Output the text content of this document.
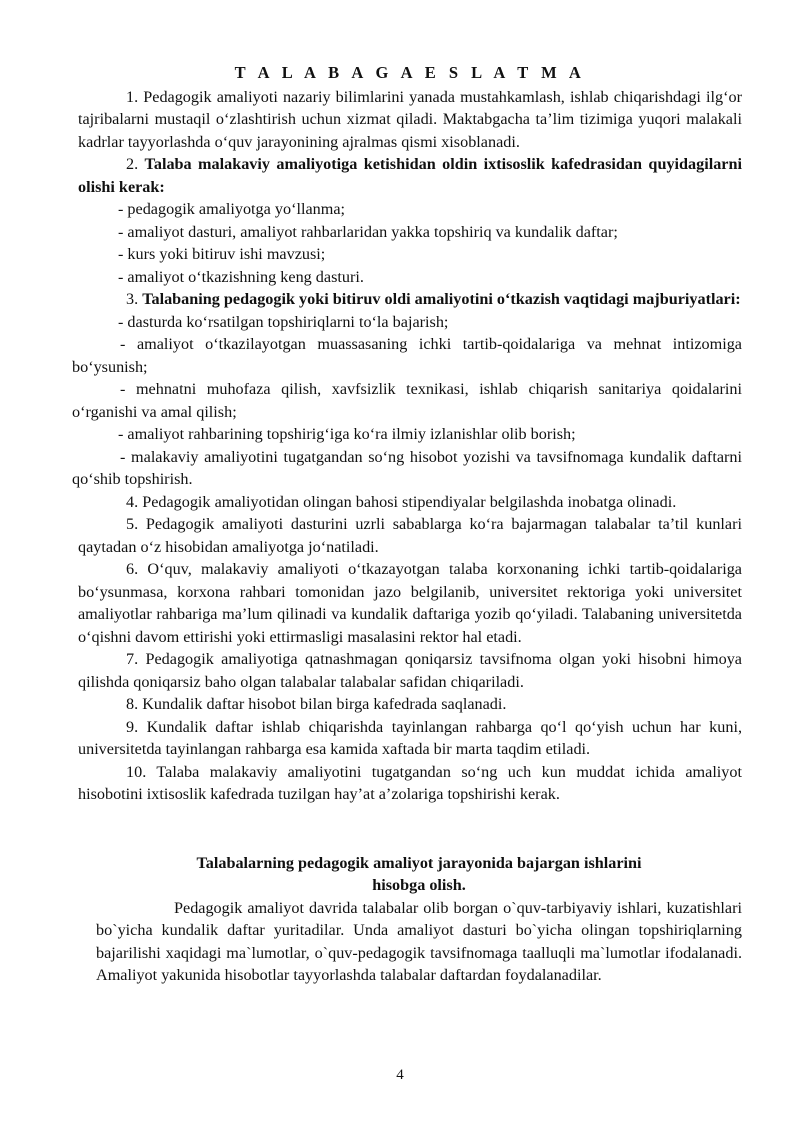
T A L A B A G A E S L A T M A

1. Pedagogik amaliyoti nazariy bilimlarini yanada mustahkamlash, ishlab chiqarishdagi ilg‘or tajribalarni mustaqil o‘zlashtirish uchun xizmat qiladi. Maktabgacha ta’lim tizimiga yuqori malakali kadrlar tayyorlashda o‘quv jarayonining ajralmas qismi xisoblanadi.

2. Talaba malakaviy amaliyotiga ketishidan oldin ixtisoslik kafedrasidan quyidagilarni olishi kerak:

- pedagogik amaliyotga yo‘llanma;

- amaliyot dasturi, amaliyot rahbarlaridan yakka topshiriq va kundalik daftar;

- kurs yoki bitiruv ishi mavzusi;

- amaliyot o‘tkazishning keng dasturi.

3. Talabaning pedagogik yoki bitiruv oldi amaliyotini o‘tkazish vaqtidagi majburiyatlari:

- dasturda ko‘rsatilgan topshiriqlarni to‘la bajarish;

- amaliyot o‘tkazilayotgan muassasaning ichki tartib-qoidalariga va mehnat intizomiga bo‘ysunish;

- mehnatni muhofaza qilish, xavfsizlik texnikasi, ishlab chiqarish sanitariya qoidalarini o‘rganishi va amal qilish;

- amaliyot rahbarining topshirig‘iga ko‘ra ilmiy izlanishlar olib borish;

- malakaviy amaliyotini tugatgandan so‘ng hisobot yozishi va tavsifnomaga kundalik daftarni qo‘shib topshirish.

4. Pedagogik amaliyotidan olingan bahosi stipendiyalar belgilashda inobatga olinadi.

5. Pedagogik amaliyoti dasturini uzrli sabablarga ko‘ra bajarmagan talabalar ta’til kunlari qaytadan o‘z hisobidan amaliyotga jo‘natiladi.

6. O‘quv, malakaviy amaliyoti o‘tkazayotgan talaba korxonaning ichki tartib-qoidalariga bo‘ysunmasa, korxona rahbari tomonidan jazo belgilanib, universitet rektoriga yoki universitet amaliyotlar rahbariga ma’lum qilinadi va kundalik daftariga yozib qo‘yiladi. Talabaning universitetda o‘qishni davom ettirishi yoki ettirmasligi masalasini rektor hal etadi.

7. Pedagogik amaliyotiga qatnashmagan qoniqarsiz tavsifnoma olgan yoki hisobni himoya qilishda qoniqarsiz baho olgan talabalar talabalar safidan chiqariladi.

8. Kundalik daftar hisobot bilan birga kafedrada saqlanadi.

9. Kundalik daftar ishlab chiqarishda tayinlangan rahbarga qo‘l qo‘yish uchun har kuni, universitetda tayinlangan rahbarga esa kamida xaftada bir marta taqdim etiladi.

10. Talaba malakaviy amaliyotini tugatgandan so‘ng uch kun muddat ichida amaliyot hisobotini ixtisoslik kafedrada tuzilgan hay’at a’zolariga topshirishi kerak.

Talabalarning pedagogik amaliyot jarayonida bajargan ishlarini

hisobga olish.

Pedagogik amaliyot davrida talabalar olib borgan o`quv-tarbiyaviy ishlari, kuzatishlari bo`yicha kundalik daftar yuritadilar. Unda amaliyot dasturi bo`yicha olingan topshiriqlarning bajarilishi xaqidagi ma`lumotlar, o`quv-pedagogik tavsifnomaga taalluqli ma`lumotlar ifodalanadi. Amaliyot yakunida hisobotlar tayyorlashda talabalar daftardan foydalanadilar.

4
